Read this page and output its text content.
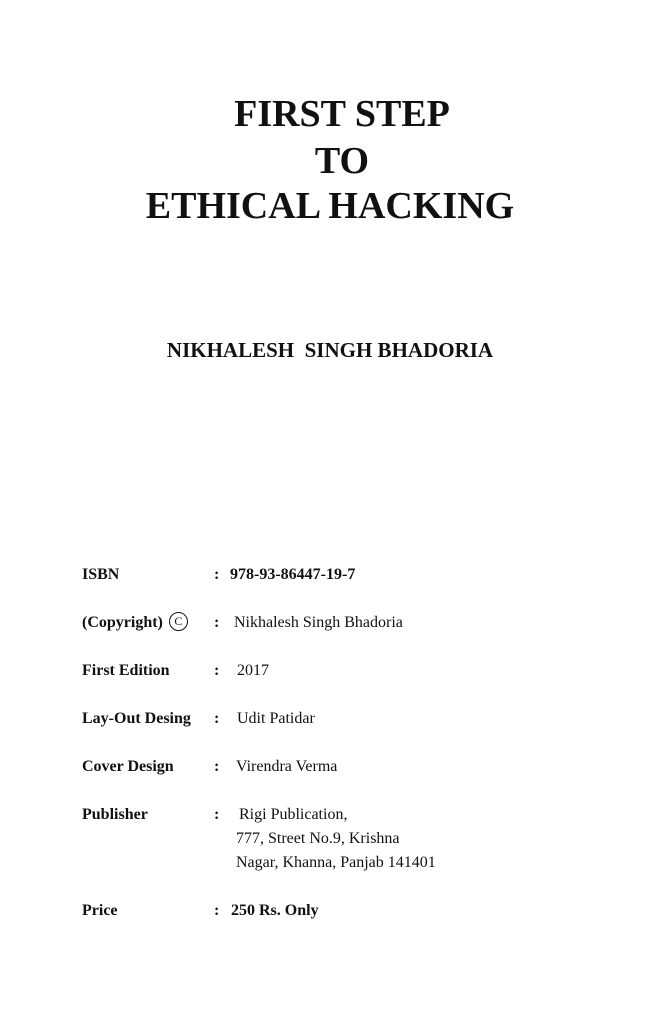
FIRST STEP
TO
ETHICAL HACKING
NIKHALESH  SINGH BHADORIA
ISBN	: 978-93-86447-19-7
(Copyright) C	: Nikhalesh Singh Bhadoria
First Edition	: 2017
Lay-Out Desing : Udit Patidar
Cover Design	: Virendra Verma
Publisher	: Rigi Publication,
777, Street No.9, Krishna
Nagar, Khanna, Panjab 141401
Price	: 250 Rs. Only
